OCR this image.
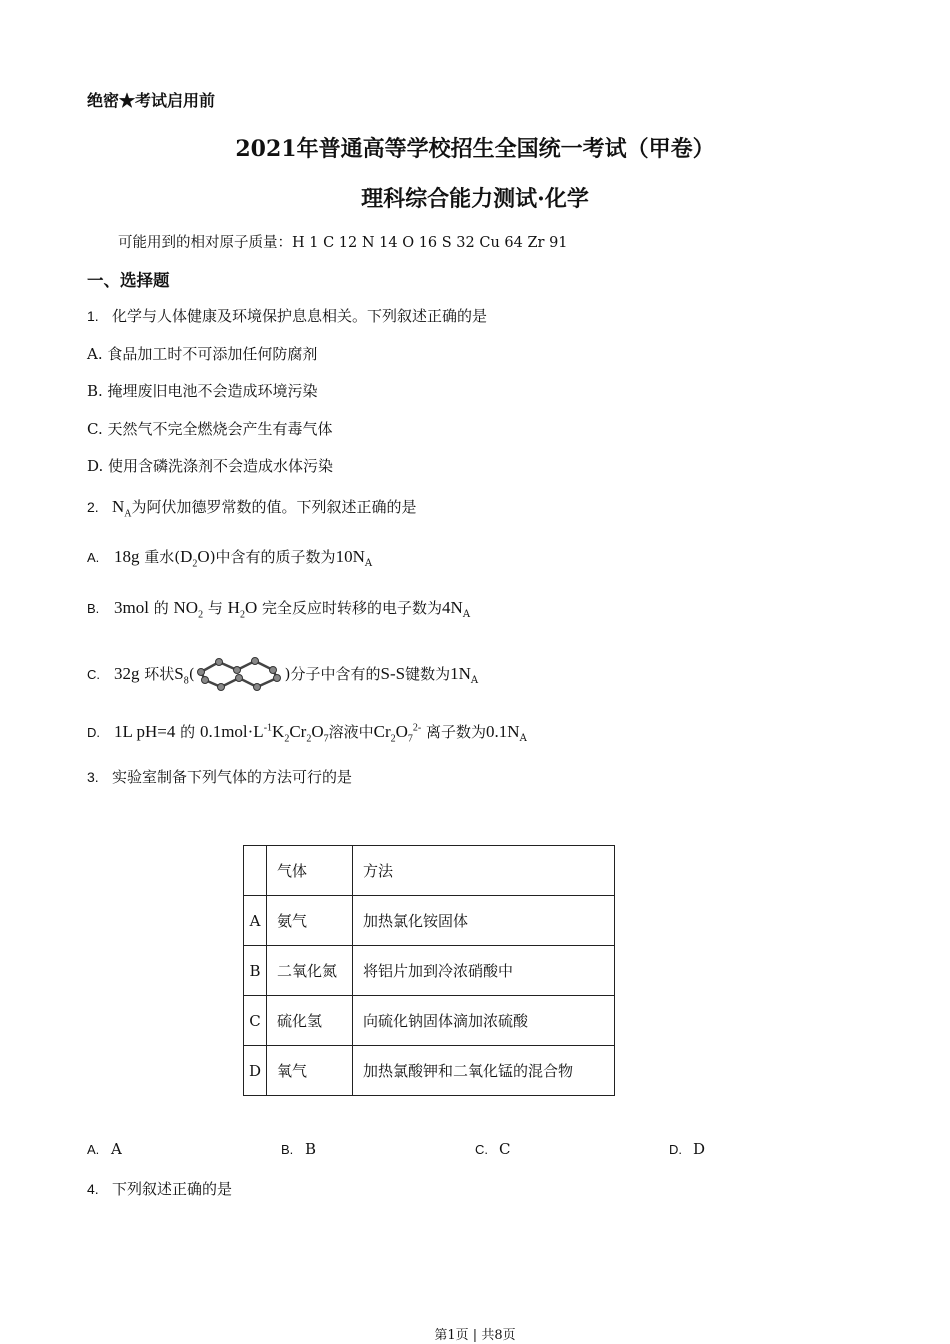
绝密★考试启用前
2021年普通高等学校招生全国统一考试（甲卷）
理科综合能力测试·化学
可能用到的相对原子质量：H 1 C 12 N 14 O 16 S 32 Cu 64 Zr 91
一、选择题
1. 化学与人体健康及环境保护息息相关。下列叙述正确的是
A. 食品加工时不可添加任何防腐剂
B. 掩埋废旧电池不会造成环境污染
C. 天然气不完全燃烧会产生有毒气体
D. 使用含磷洗涤剂不会造成水体污染
2. $N_A$为阿伏加德罗常数的值。下列叙述正确的是
A. 18g 重水$(D_2O)$中含有的质子数为$10N_A$
B. 3mol 的 $NO_2$ 与 $H_2O$ 完全反应时转移的电子数为$4N_A$
C. 32g 环状$S_8$(	)分子中含有的S-S键数为$1N_A$
D. 1L pH=4 的 $0.1mol\cdot L^{-1}K_2Cr_2O_7$溶液中$Cr_2O_7^{2-}$ 离子数为$0.1N_A$
3. 实验室制备下列气体的方法可行的是
	气体	方法
A	氨气	加热氯化铵固体
B	二氧化氮	将铝片加到冷浓硝酸中
C	硫化氢	向硫化钠固体滴加浓硫酸
D	氧气	加热氯酸钾和二氧化锰的混合物
A. A	B. B	C. C	D. D
4. 下列叙述正确的是
第1页 | 共8页
